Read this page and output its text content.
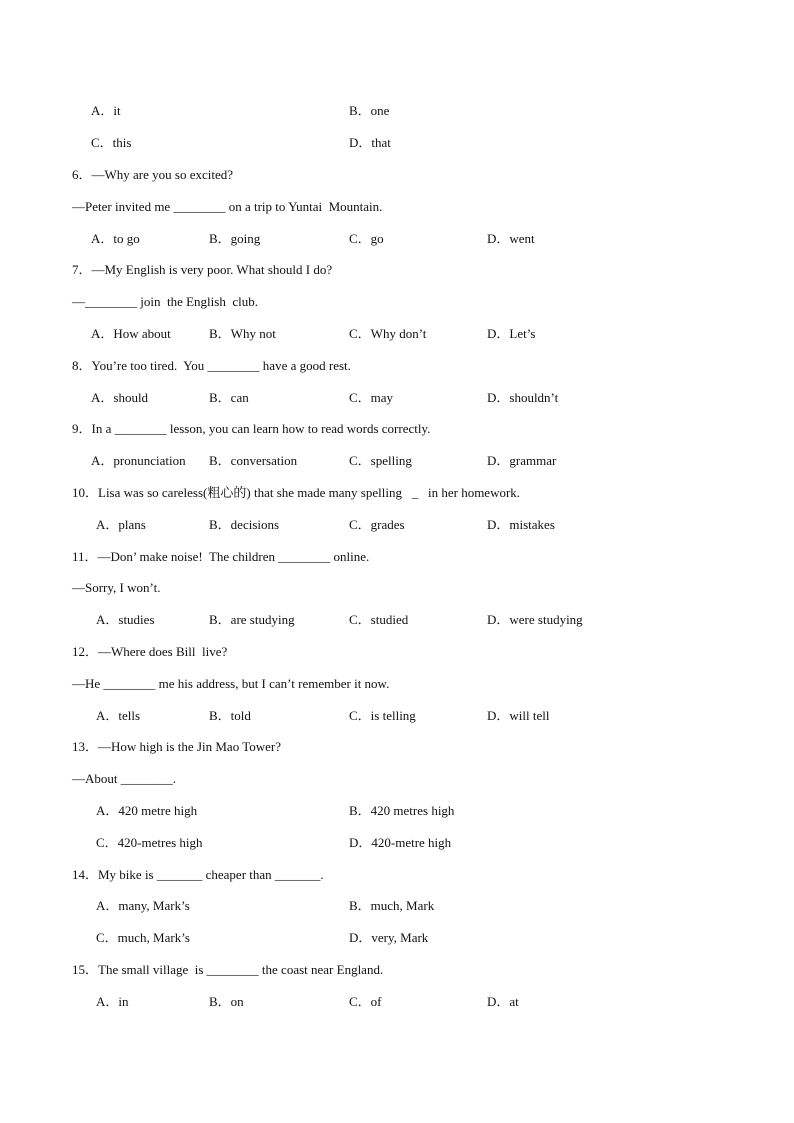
A．it	B．one
C．this	D．that
6．—Why are you so excited?
—Peter invited me ________ on a trip to Yuntai  Mountain.
A．to go	B．going	C．go	D．went
7．—My English is very poor. What should I do?
—________ join  the English  club.
A．How about	B．Why not	C．Why don’t	D．Let’s
8．You’re too tired.  You ________ have a good rest.
A．should	B．can	C．may	D．shouldn’t
9．In a ________ lesson, you can learn how to read words correctly.
A．pronunciation B．conversation	C．spelling	D．grammar
10．Lisa was so careless(粗心的) that she made many spelling   _   in her homework.
A．plans	B．decisions	C．grades	D．mistakes
11．—Don’ make noise!  The children ________ online.
—Sorry, I won’t.
A．studies	B．are studying	C．studied	D．were studying
12．—Where does Bill  live?
—He ________ me his address, but I can’t remember it now.
A．tells	B．told	C．is telling	D．will tell
13．—How high is the Jin Mao Tower?
—About ________.
A．420 metre high	B．420 metres high
C．420-metres high	D．420-metre high
14．My bike is _______ cheaper than _______.
A．many, Mark’s	B．much, Mark
C．much, Mark’s	D．very, Mark
15．The small village  is ________ the coast near England.
A．in	B．on	C．of	D．at
